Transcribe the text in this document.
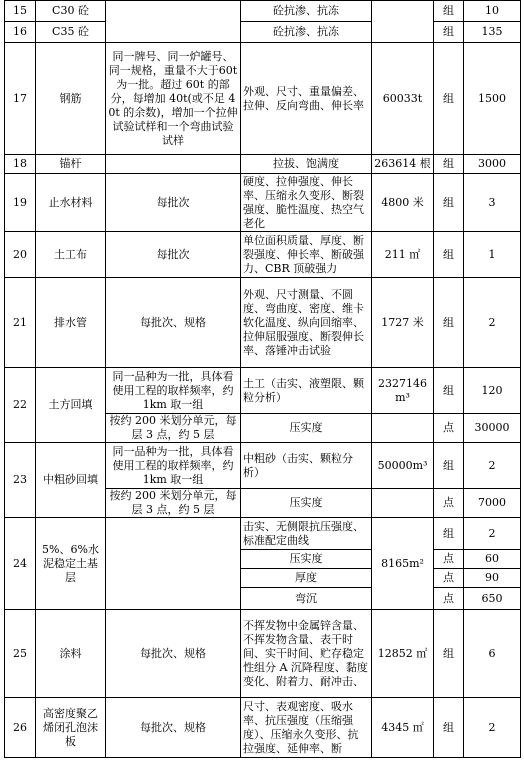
15	C30 砼		砼抗渗、抗冻		组	10
16	C35 砼		砼抗渗、抗冻		组	135
17	钢筋	同一牌号、同一炉罐号、同一规格，重量不大于60t 为一批。超过 60t 的部分，每增加 40t(或不足 40t 的余数)，增加一个拉伸试验试样和一个弯曲试验试样	外观、尺寸、重量偏差、拉伸、反向弯曲、伸长率	60033t	组	1500
18	锚杆		拉拔、饱满度	263614 根	组	3000
19	止水材料	每批次	硬度、拉伸强度、伸长率、压缩永久变形、断裂强度、脆性温度、热空气老化	4800 米	组	3
20	土工布	每批次	单位面积质量、厚度、断裂强度、伸长率、断破强力、CBR 顶破强力	211 ㎡	组	1
21	排水管	每批次、规格	外观、尺寸测量、不圆度、弯曲度、密度、维卡软化温度、纵向回缩率、拉伸屈服强度、断裂伸长率、落锤冲击试验	1727 米	组	2
22	土方回填	同一品种为一批，具体看使用工程的取样频率，约 1km 取一组	土工（击实、液塑限、颗粒分析）	2327146m³	组	120
		按约 200 米划分单元，每层 3 点，约 5 层	压实度		点	30000
23	中粗砂回填	同一品种为一批，具体看使用工程的取样频率，约 1km 取一组	中粗砂（击实、颗粒分析）	50000m³	组	2
		按约 200 米划分单元，每层 3 点，约 5 层	压实度		点	7000
24	5%、6%水泥稳定土基层		击实、无侧限抗压强度、标准配定曲线	8165m²	组	2
			压实度		点	60
			厚度		点	90
			弯沉		点	650
25	涂料	每批次、规格	不挥发物中金属锌含量、不挥发物含量、表干时间、实干时间、贮存稳定性组分 A 沉降程度、黏度变化、附着力、耐冲击、	12852 ㎡	组	6
26	高密度聚乙烯闭孔泡沫板	每批次、规格	尺寸、表观密度、吸水率、抗压强度（压缩强度）、压缩永久变形、抗拉强度、延伸率、断	4345 ㎡	组	2
